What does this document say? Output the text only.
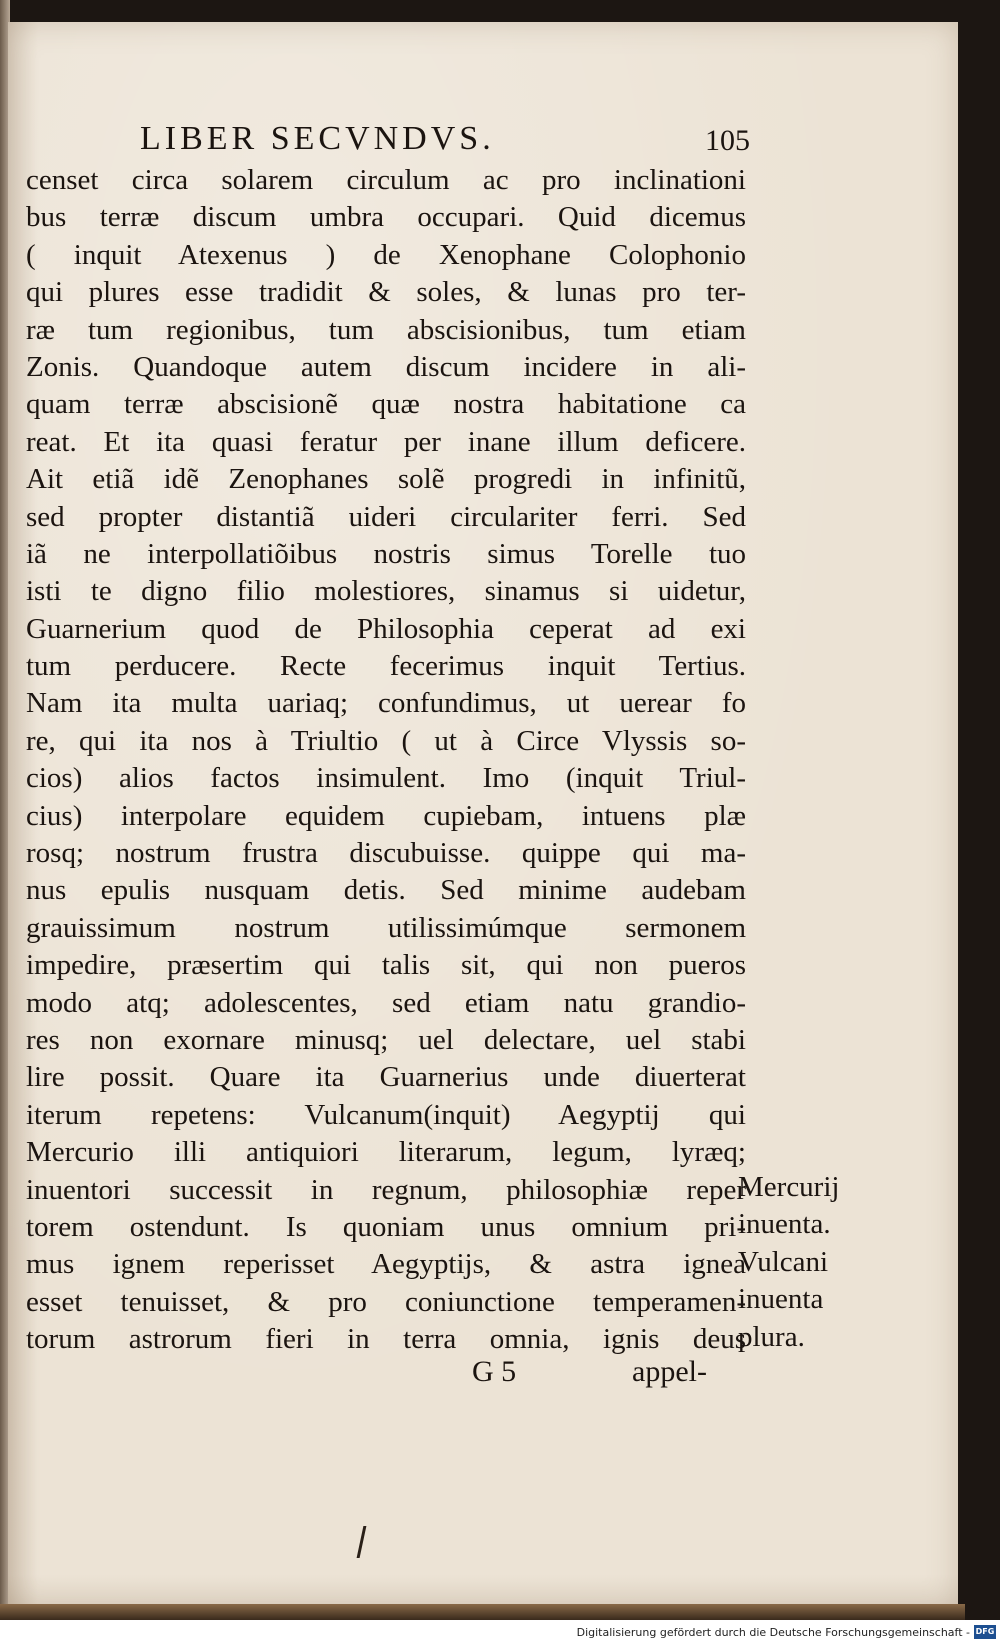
LIBER SECVNDVS.	105
censet circa solarem circulum ac pro inclinationi
bus terræ discum umbra occupari. Quid dicemus
( inquit Atexenus ) de Xenophane Colophonio
qui plures esse tradidit & soles, & lunas pro ter-
ræ tum regionibus, tum abscisionibus, tum etiam
Zonis. Quandoque autem discum incidere in ali-
quam terræ abscisionẽ quæ nostra habitatione ca
reat. Et ita quasi feratur per inane illum deficere.
Ait etiã idẽ Zenophanes solẽ progredi in infinitũ,
sed propter distantiã uideri circulariter ferri. Sed
iã ne interpollatiõibus nostris simus Torelle tuo
isti te digno filio molestiores, sinamus si uidetur,
Guarnerium quod de Philosophia ceperat ad exi
tum perducere. Recte fecerimus inquit Tertius.
Nam ita multa uariaq; confundimus, ut uerear fo
re, qui ita nos à Triultio ( ut à Circe Vlyssis so-
cios) alios factos insimulent. Imo (inquit Triul-
cius) interpolare equidem cupiebam, intuens plæ
rosq; nostrum frustra discubuisse. quippe qui ma-
nus epulis nusquam detis. Sed minime audebam
grauissimum nostrum utilissimúmque sermonem
impedire, præsertim qui talis sit, qui non pueros
modo atq; adolescentes, sed etiam natu grandio-
res non exornare minusq; uel delectare, uel stabi
lire possit. Quare ita Guarnerius unde diuerterat
iterum repetens: Vulcanum(inquit) Aegyptij qui
Mercurio illi antiquiori literarum, legum, lyræq;
inuentori successit in regnum, philosophiæ reper
torem ostendunt. Is quoniam unus omnium pri-
mus ignem reperisset Aegyptijs, & astra ignea
esset tenuisset, & pro coniunctione temperamen-
torum astrorum fieri in terra omnia, ignis deus
Mercurij
inuenta.
Vulcani
inuenta
plura.
G 5	appel-
Digitalisierung gefördert durch die Deutsche Forschungsgemeinschaft - DFG
